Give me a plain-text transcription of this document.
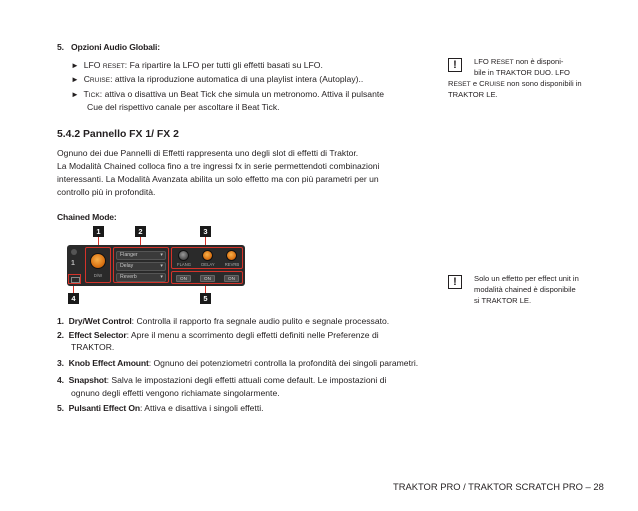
5. Opzioni Audio Globali:
► LFO RESET: Fa ripartire la LFO per tutti gli effetti basati su LFO.
► CRUISE: attiva la riproduzione automatica di una playlist intera (Autoplay)..
► TICK: attiva o disattiva un Beat Tick che simula un metronomo. Attiva il pulsante
Cue del rispettivo canale per ascoltare il Beat Tick.
5.4.2 Pannello FX 1/ FX 2
Ognuno dei due Pannelli di Effetti rappresenta uno degli slot di effetti di Traktor.
La Modalità Chained colloca fino a tre ingressi fx in serie permettendoti combinazioni
interessanti. La Modalità Avanzata abilita un solo effetto ma con più parametri per un
controllo più in profondità.
Chained Mode:
1	2	3
4	5
1
D/W
Flanger	▾
Delay	▾
Reverb	▾
FLANG	DELAY	REVRB
ON	ON	ON
1. Dry/Wet Control: Controlla il rapporto fra segnale audio pulito e segnale processato.
2. Effect Selector: Apre il menu a scorrimento degli effetti definiti nelle Preferenze di
TRAKTOR.
3. Knob Effect Amount: Ognuno dei potenziometri controlla la profondità dei singoli parametri.
4. Snapshot: Salva le impostazioni degli effetti attuali come default. Le impostazioni di
ognuno degli effetti vengono richiamate singolarmente.
5. Pulsanti Effect On: Attiva e disattiva i singoli effetti.
!	LFO RESET non è disponi-
bile in TRAKTOR DUO. LFO
RESET e CRUISE non sono disponibili in
TRAKTOR LE.
!	Solo un effetto per effect unit in
modalità chained è disponibile
si TRAKTOR LE.
TRAKTOR PRO / TRAKTOR SCRATCH PRO – 28
